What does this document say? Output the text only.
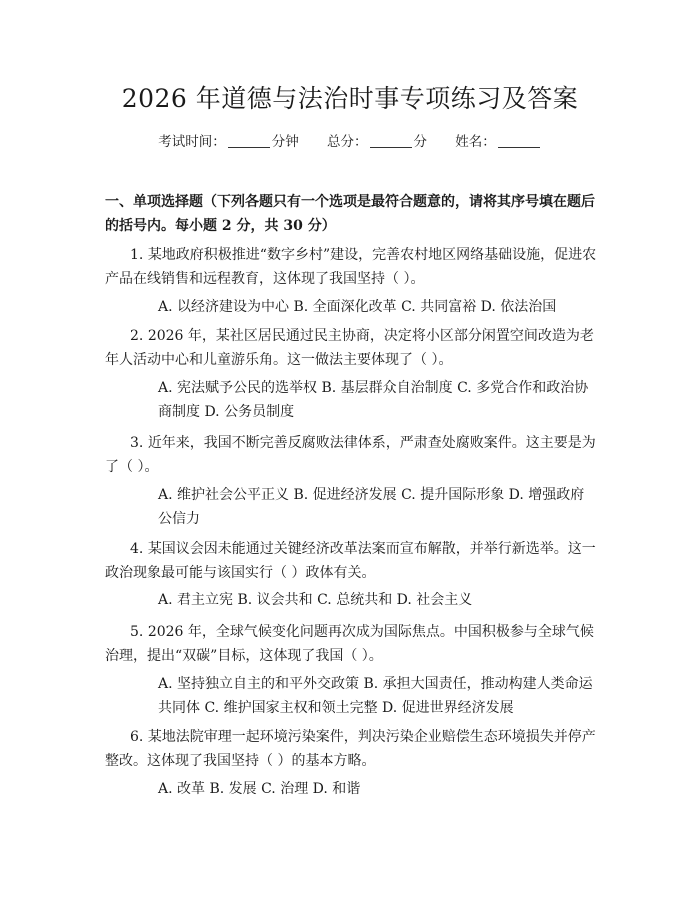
2026 年道德与法治时事专项练习及答案
考试时间：	分钟 总分：	分 姓名：
一、单项选择题（下列各题只有一个选项是最符合题意的，请将其序号填在题后的括号内。每小题 2 分，共 30 分）
1. 某地政府积极推进“数字乡村”建设，完善农村地区网络基础设施，促进农产品在线销售和远程教育，这体现了我国坚持（ ）。
A. 以经济建设为中心 B. 全面深化改革 C. 共同富裕 D. 依法治国
2. 2026 年，某社区居民通过民主协商，决定将小区部分闲置空间改造为老年人活动中心和儿童游乐角。这一做法主要体现了（ ）。
A. 宪法赋予公民的选举权 B. 基层群众自治制度 C. 多党合作和政治协商制度 D. 公务员制度
3. 近年来，我国不断完善反腐败法律体系，严肃查处腐败案件。这主要是为了（ ）。
A. 维护社会公平正义 B. 促进经济发展 C. 提升国际形象 D. 增强政府公信力
4. 某国议会因未能通过关键经济改革法案而宣布解散，并举行新选举。这一政治现象最可能与该国实行（ ）政体有关。
A. 君主立宪 B. 议会共和 C. 总统共和 D. 社会主义
5. 2026 年，全球气候变化问题再次成为国际焦点。中国积极参与全球气候治理，提出“双碳”目标，这体现了我国（ ）。
A. 坚持独立自主的和平外交政策 B. 承担大国责任，推动构建人类命运共同体 C. 维护国家主权和领土完整 D. 促进世界经济发展
6. 某地法院审理一起环境污染案件，判决污染企业赔偿生态环境损失并停产整改。这体现了我国坚持（ ）的基本方略。
A. 改革 B. 发展 C. 治理 D. 和谐
